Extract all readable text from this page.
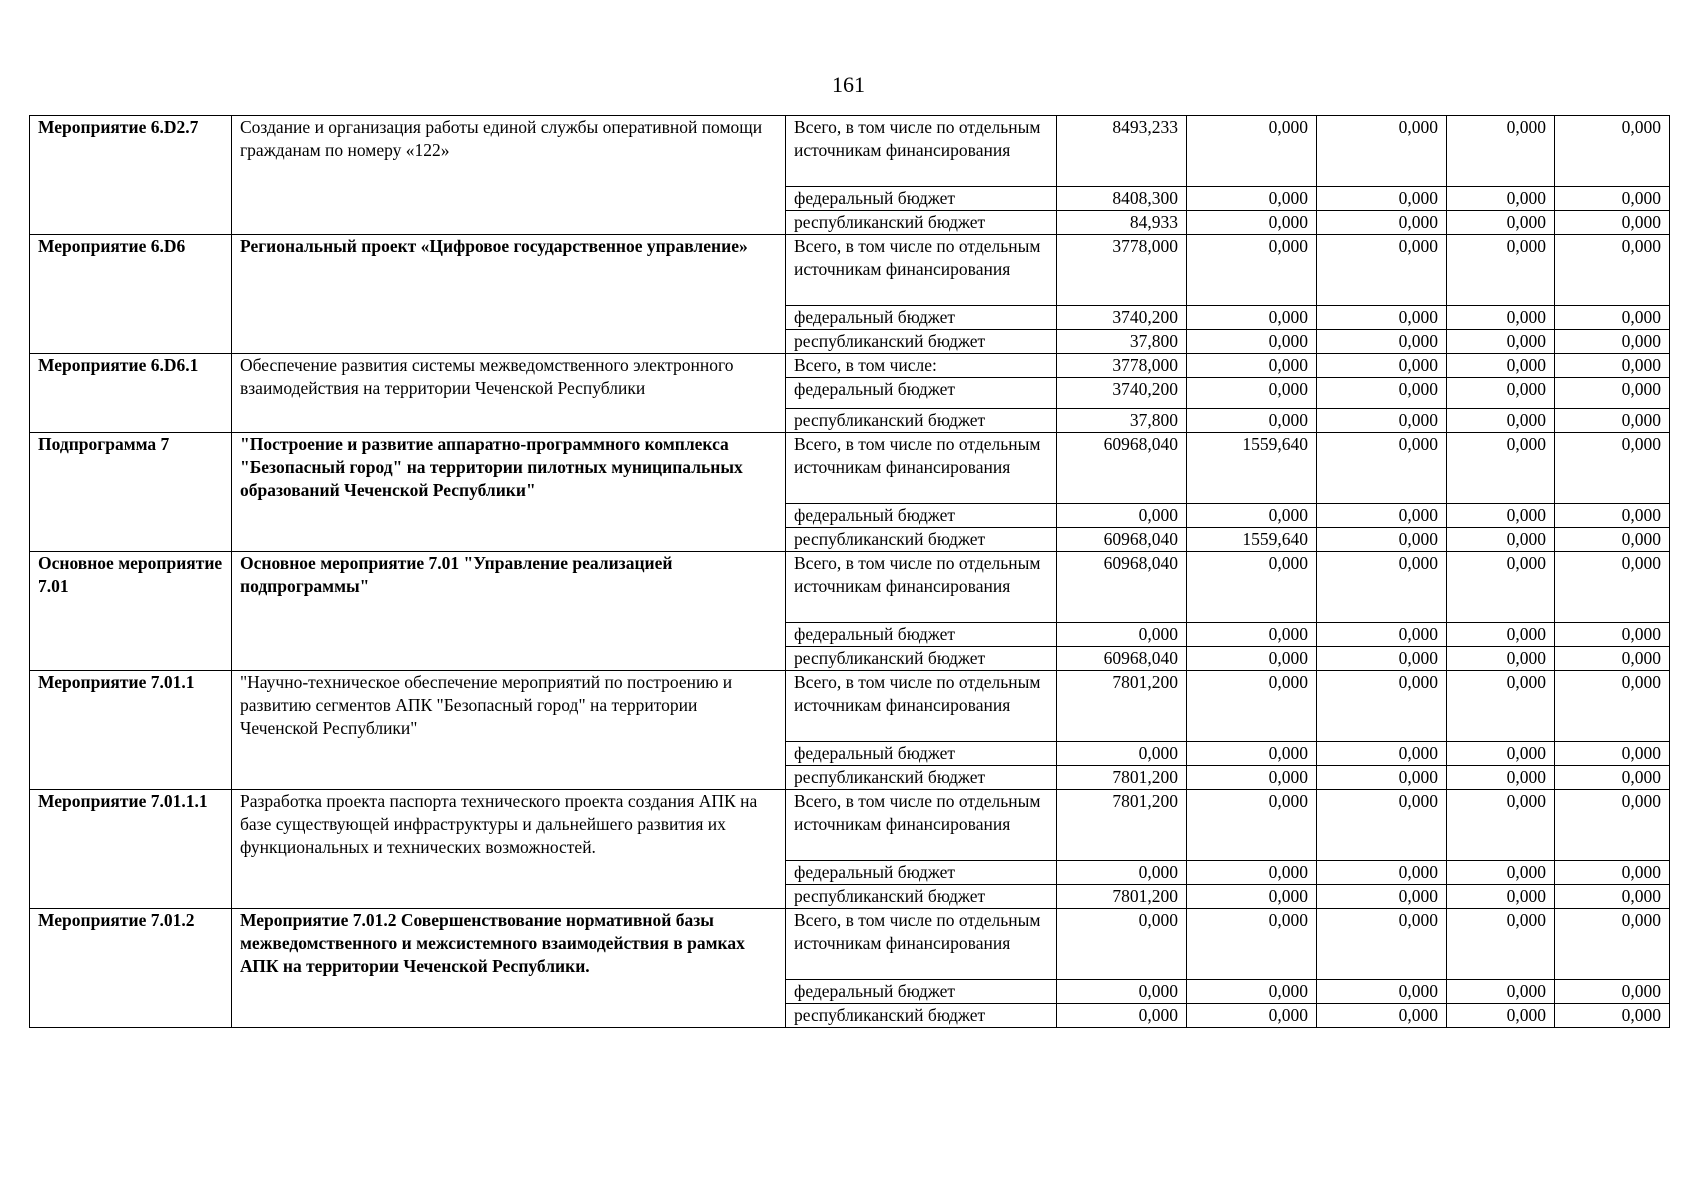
161
Мероприятие 6.D2.7	Создание и организация работы единой службы оперативной помощи гражданам по номеру «122»	Всего, в том числе по отдельным источникам финансирования	8493,233	0,000	0,000	0,000	0,000
		федеральный бюджет	8408,300	0,000	0,000	0,000	0,000
		республиканский бюджет	84,933	0,000	0,000	0,000	0,000
Мероприятие 6.D6	Региональный проект «Цифровое государственное управление»	Всего, в том числе по отдельным источникам финансирования	3778,000	0,000	0,000	0,000	0,000
		федеральный бюджет	3740,200	0,000	0,000	0,000	0,000
		республиканский бюджет	37,800	0,000	0,000	0,000	0,000
Мероприятие 6.D6.1	Обеспечение развития системы межведомственного электронного взаимодействия на территории Чеченской Республики	Всего, в том числе:	3778,000	0,000	0,000	0,000	0,000
		федеральный бюджет	3740,200	0,000	0,000	0,000	0,000
		республиканский бюджет	37,800	0,000	0,000	0,000	0,000
Подпрограмма 7	"Построение и развитие аппаратно-программного комплекса "Безопасный город" на территории пилотных муниципальных образований Чеченской Республики"	Всего, в том числе по отдельным источникам финансирования	60968,040	1559,640	0,000	0,000	0,000
		федеральный бюджет	0,000	0,000	0,000	0,000	0,000
		республиканский бюджет	60968,040	1559,640	0,000	0,000	0,000
Основное мероприятие 7.01	Основное мероприятие 7.01 "Управление реализацией подпрограммы"	Всего, в том числе по отдельным источникам финансирования	60968,040	0,000	0,000	0,000	0,000
		федеральный бюджет	0,000	0,000	0,000	0,000	0,000
		республиканский бюджет	60968,040	0,000	0,000	0,000	0,000
Мероприятие 7.01.1	"Научно-техническое обеспечение мероприятий по построению и развитию сегментов АПК "Безопасный город" на территории Чеченской Республики"	Всего, в том числе по отдельным источникам финансирования	7801,200	0,000	0,000	0,000	0,000
		федеральный бюджет	0,000	0,000	0,000	0,000	0,000
		республиканский бюджет	7801,200	0,000	0,000	0,000	0,000
Мероприятие 7.01.1.1	Разработка проекта паспорта технического проекта создания АПК на базе существующей инфраструктуры и дальнейшего развития их функциональных и технических возможностей.	Всего, в том числе по отдельным источникам финансирования	7801,200	0,000	0,000	0,000	0,000
		федеральный бюджет	0,000	0,000	0,000	0,000	0,000
		республиканский бюджет	7801,200	0,000	0,000	0,000	0,000
Мероприятие 7.01.2	Мероприятие 7.01.2 Совершенствование нормативной базы межведомственного и межсистемного взаимодействия в рамках АПК на территории Чеченской Республики.	Всего, в том числе по отдельным источникам финансирования	0,000	0,000	0,000	0,000	0,000
		федеральный бюджет	0,000	0,000	0,000	0,000	0,000
		республиканский бюджет	0,000	0,000	0,000	0,000	0,000
